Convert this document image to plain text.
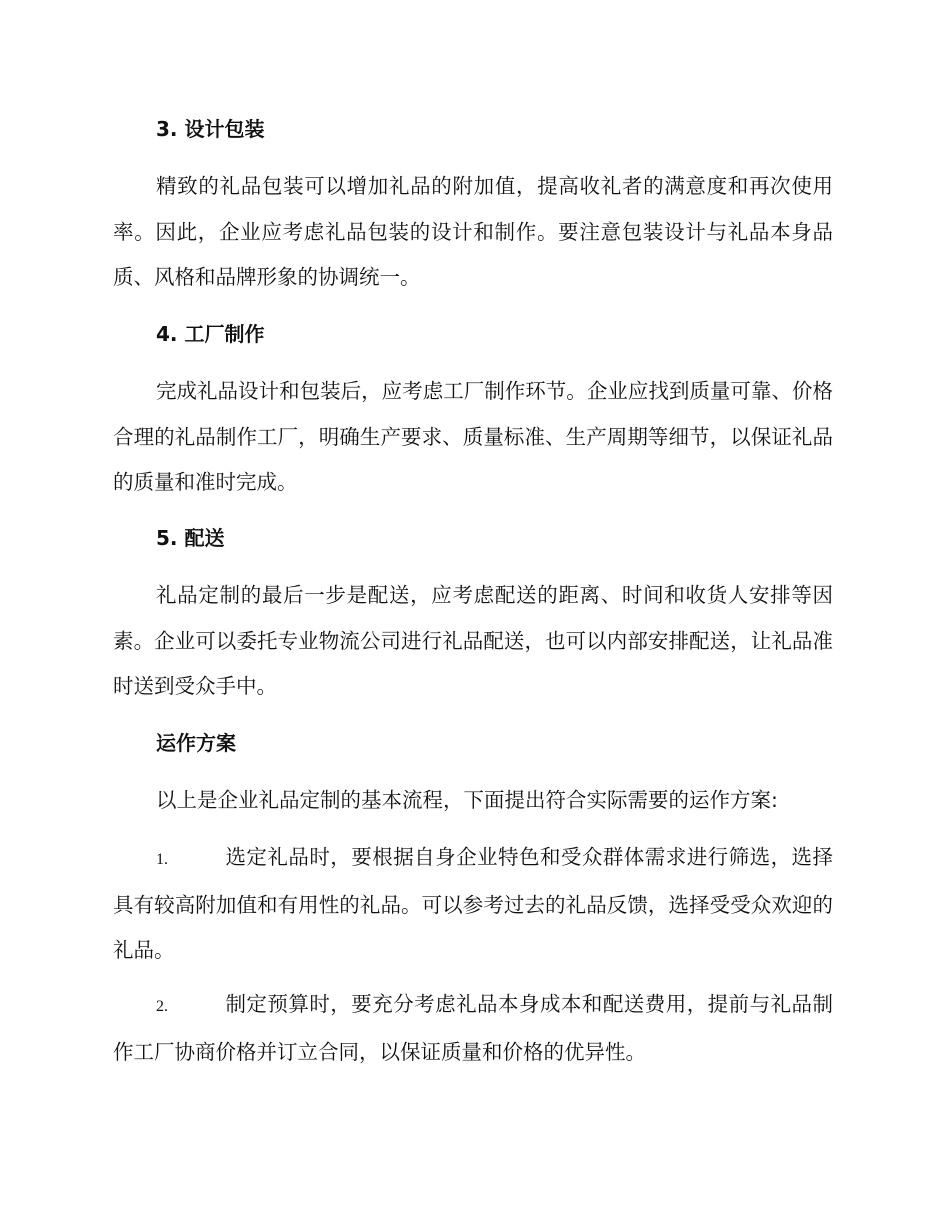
3. 设计包装

精致的礼品包装可以增加礼品的附加值，提高收礼者的满意度和再次使用率。因此，企业应考虑礼品包装的设计和制作。要注意包装设计与礼品本身品质、风格和品牌形象的协调统一。

4. 工厂制作

完成礼品设计和包装后，应考虑工厂制作环节。企业应找到质量可靠、价格合理的礼品制作工厂，明确生产要求、质量标准、生产周期等细节，以保证礼品的质量和准时完成。

5. 配送

礼品定制的最后一步是配送，应考虑配送的距离、时间和收货人安排等因素。企业可以委托专业物流公司进行礼品配送，也可以内部安排配送，让礼品准时送到受众手中。

运作方案

以上是企业礼品定制的基本流程，下面提出符合实际需要的运作方案:

1.	选定礼品时，要根据自身企业特色和受众群体需求进行筛选，选择具有较高附加值和有用性的礼品。可以参考过去的礼品反馈，选择受受众欢迎的礼品。

2.	制定预算时，要充分考虑礼品本身成本和配送费用，提前与礼品制作工厂协商价格并订立合同，以保证质量和价格的优异性。
